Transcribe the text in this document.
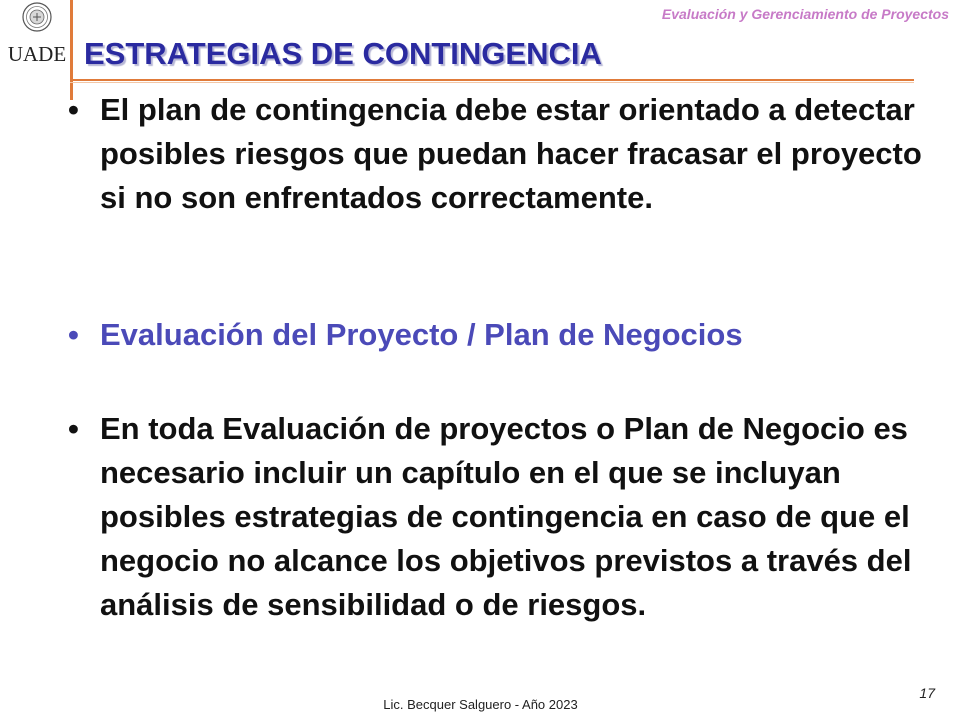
Evaluación y Gerenciamiento de Proyectos
UADE ESTRATEGIAS DE CONTINGENCIA
• El plan de contingencia debe estar orientado a detectar posibles riesgos que puedan hacer fracasar el proyecto si no son enfrentados correctamente.
• Evaluación del Proyecto / Plan de Negocios
• En toda Evaluación de proyectos o Plan de Negocio es necesario incluir un capítulo en el que se incluyan posibles estrategias de contingencia en caso de que el negocio no alcance los objetivos previstos a través del análisis de sensibilidad o de riesgos.
Lic. Becquer Salguero - Año 2023
17
